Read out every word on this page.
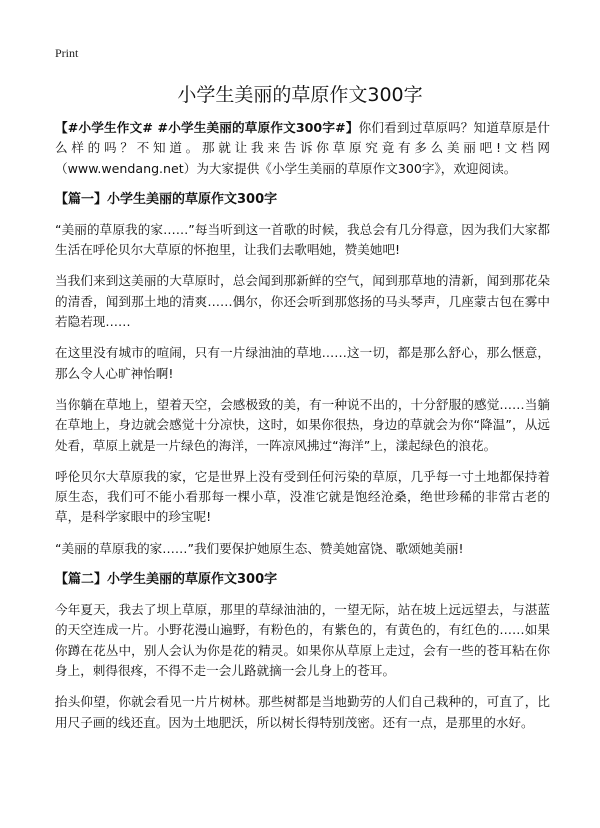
Print
小学生美丽的草原作文300字

【#小学生作文# #小学生美丽的草原作文300字#】你们看到过草原吗？知道草原是什么样的吗？不知道。那就让我来告诉你草原究竟有多么美丽吧!文档网（www.wendang.net）为大家提供《小学生美丽的草原作文300字》，欢迎阅读。

【篇一】小学生美丽的草原作文300字

“美丽的草原我的家……”每当听到这一首歌的时候，我总会有几分得意，因为我们大家都生活在呼伦贝尔大草原的怀抱里，让我们去歌唱她，赞美她吧!

当我们来到这美丽的大草原时，总会闻到那新鲜的空气，闻到那草地的清新，闻到那花朵的清香，闻到那土地的清爽……偶尔，你还会听到那悠扬的马头琴声，几座蒙古包在雾中若隐若现……

在这里没有城市的喧闹，只有一片绿油油的草地……这一切，都是那么舒心，那么惬意，那么令人心旷神怡啊!

当你躺在草地上，望着天空，会感极致的美，有一种说不出的，十分舒服的感觉……当躺在草地上，身边就会感觉十分凉快，这时，如果你很热，身边的草就会为你“降温”，从远处看，草原上就是一片绿色的海洋，一阵凉风拂过“海洋”上，漾起绿色的浪花。

呼伦贝尔大草原我的家，它是世界上没有受到任何污染的草原，几乎每一寸土地都保持着原生态，我们可不能小看那每一棵小草，没准它就是饱经沧桑，绝世珍稀的非常古老的草，是科学家眼中的珍宝呢!

“美丽的草原我的家……”我们要保护她原生态、赞美她富饶、歌颂她美丽!

【篇二】小学生美丽的草原作文300字

今年夏天，我去了坝上草原，那里的草绿油油的，一望无际，站在坡上远远望去，与湛蓝的天空连成一片。小野花漫山遍野，有粉色的，有紫色的，有黄色的，有红色的……如果你蹲在花丛中，别人会认为你是花的精灵。如果你从草原上走过，会有一些的苍耳粘在你身上，刺得很疼，不得不走一会儿路就摘一会儿身上的苍耳。

抬头仰望，你就会看见一片片树林。那些树都是当地勤劳的人们自己栽种的，可直了，比用尺子画的线还直。因为土地肥沃，所以树长得特别茂密。还有一点，是那里的水好。
